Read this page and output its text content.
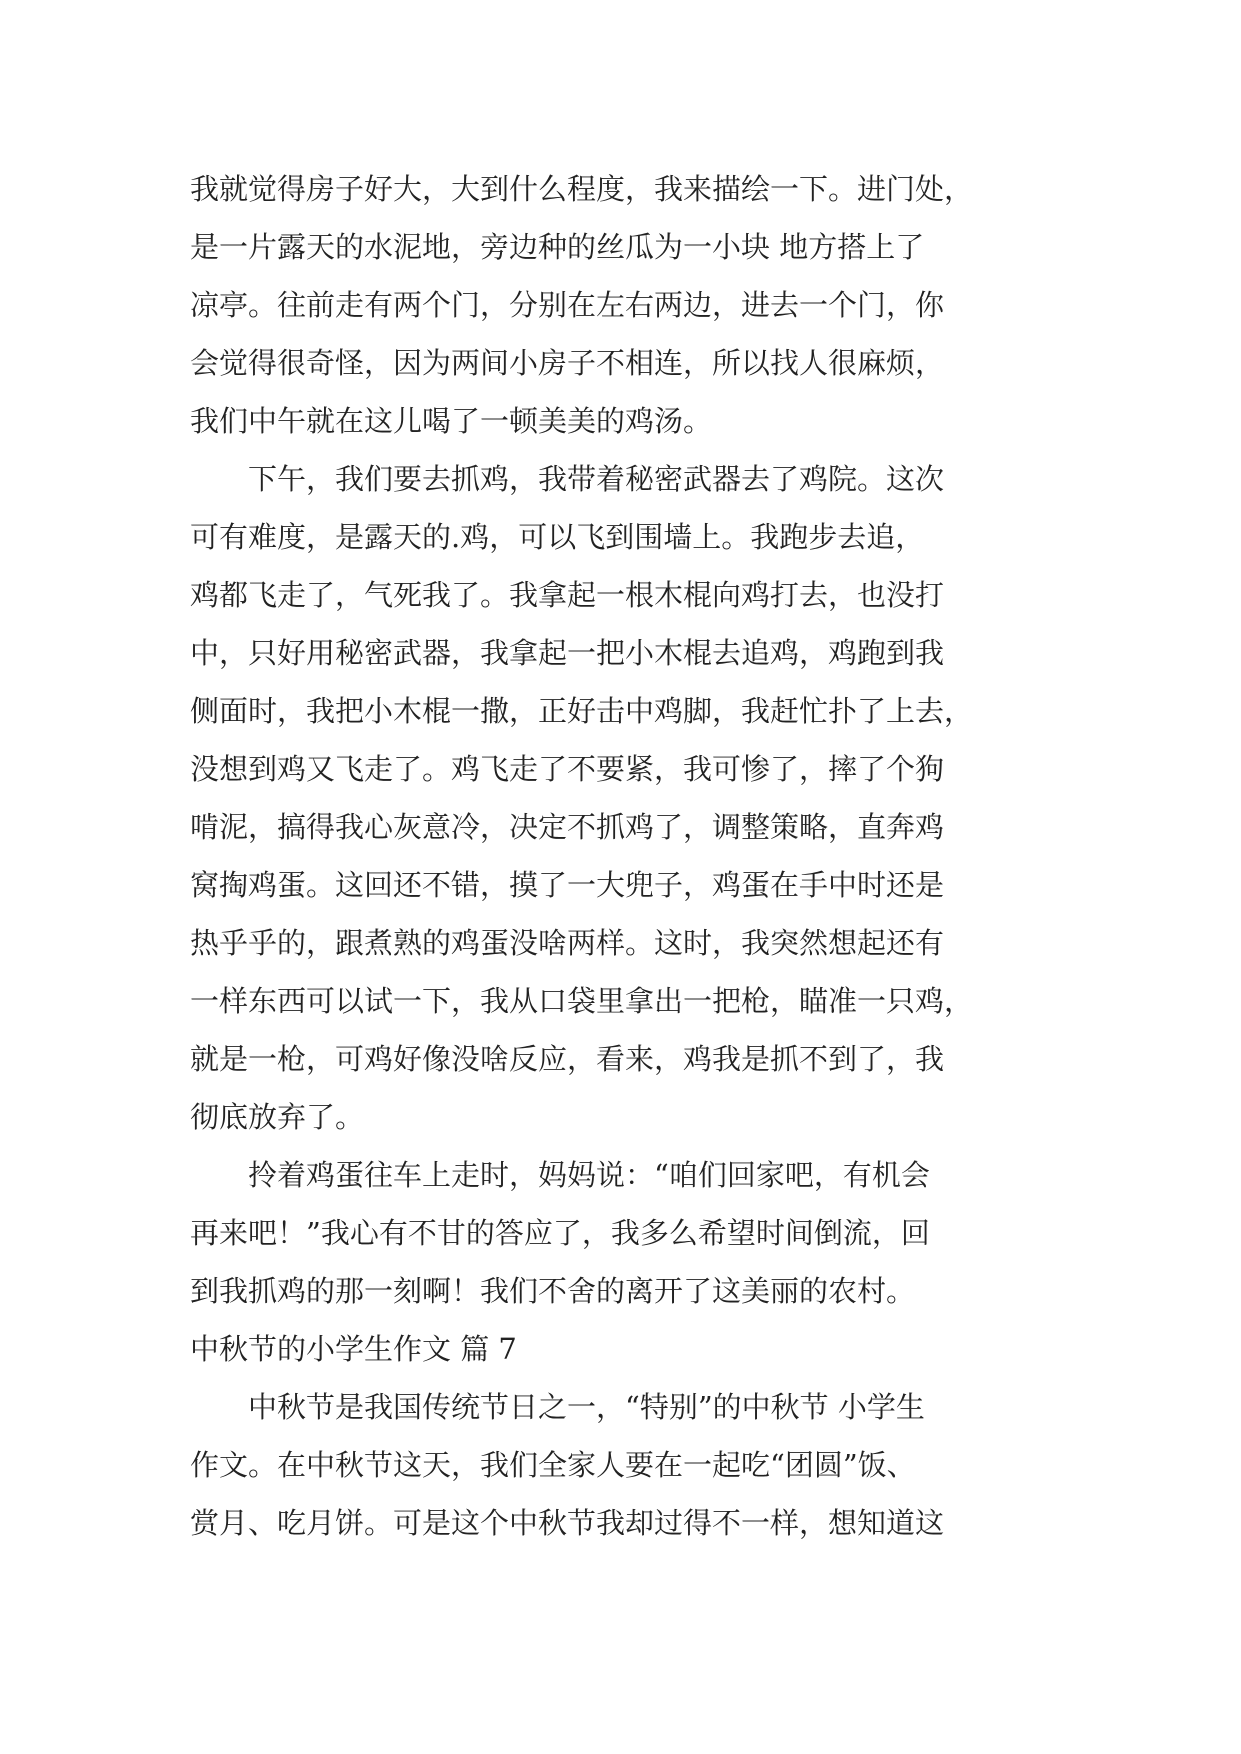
我就觉得房子好大，大到什么程度，我来描绘一下。进门处，
是一片露天的水泥地，旁边种的丝瓜为一小块 地方搭上了
凉亭。往前走有两个门，分别在左右两边，进去一个门，你
会觉得很奇怪，因为两间小房子不相连，所以找人很麻烦，
我们中午就在这儿喝了一顿美美的鸡汤。
　　下午，我们要去抓鸡，我带着秘密武器去了鸡院。这次
可有难度，是露天的.鸡，可以飞到围墙上。我跑步去追，
鸡都飞走了，气死我了。我拿起一根木棍向鸡打去，也没打
中，只好用秘密武器，我拿起一把小木棍去追鸡，鸡跑到我
侧面时，我把小木棍一撒，正好击中鸡脚，我赶忙扑了上去，
没想到鸡又飞走了。鸡飞走了不要紧，我可惨了，摔了个狗
啃泥，搞得我心灰意冷，决定不抓鸡了，调整策略，直奔鸡
窝掏鸡蛋。这回还不错，摸了一大兜子，鸡蛋在手中时还是
热乎乎的，跟煮熟的鸡蛋没啥两样。这时，我突然想起还有
一样东西可以试一下，我从口袋里拿出一把枪，瞄准一只鸡，
就是一枪，可鸡好像没啥反应，看来，鸡我是抓不到了，我
彻底放弃了。
　　拎着鸡蛋往车上走时，妈妈说：“咱们回家吧，有机会
再来吧！”我心有不甘的答应了，我多么希望时间倒流，回
到我抓鸡的那一刻啊！我们不舍的离开了这美丽的农村。
中秋节的小学生作文 篇 7
　　中秋节是我国传统节日之一，“特别”的中秋节 小学生
作文。在中秋节这天，我们全家人要在一起吃“团圆”饭、
赏月、吃月饼。可是这个中秋节我却过得不一样，想知道这
